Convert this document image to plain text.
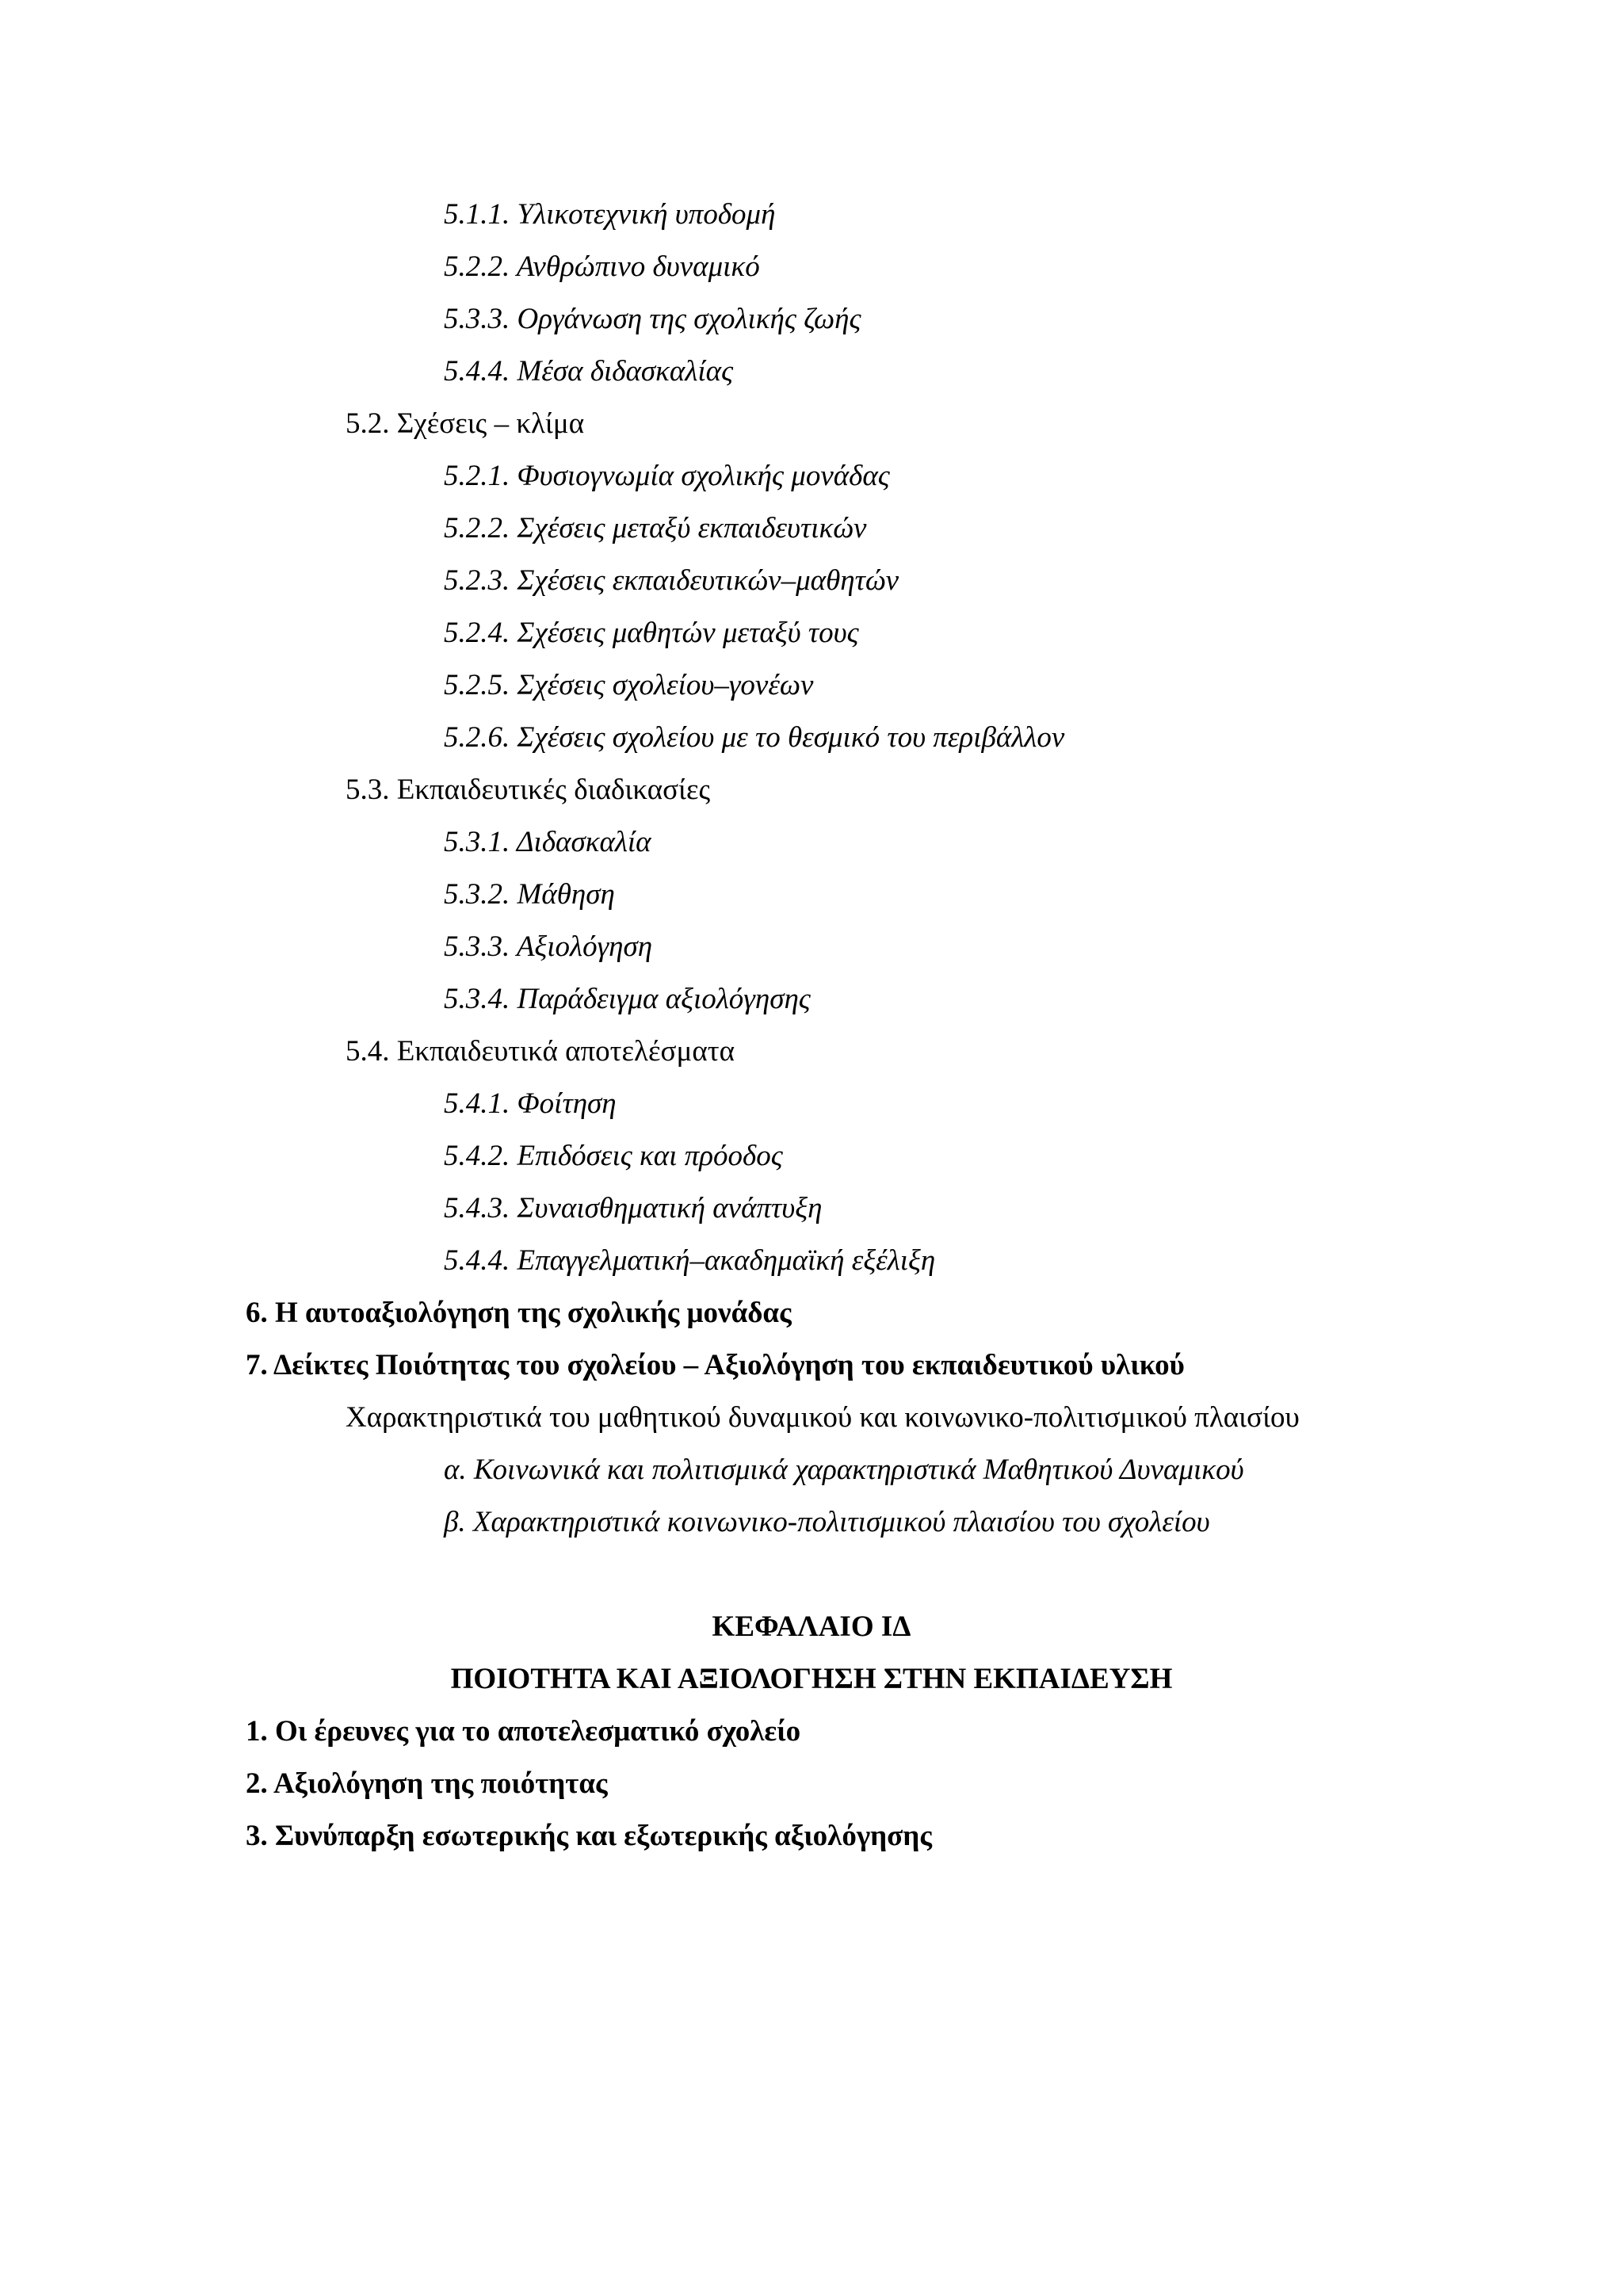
5.1.1. Υλικοτεχνική υποδομή
5.2.2. Ανθρώπινο δυναμικό
5.3.3. Οργάνωση της σχολικής ζωής
5.4.4. Μέσα διδασκαλίας
5.2. Σχέσεις – κλίμα
5.2.1. Φυσιογνωμία σχολικής μονάδας
5.2.2. Σχέσεις μεταξύ εκπαιδευτικών
5.2.3. Σχέσεις εκπαιδευτικών–μαθητών
5.2.4. Σχέσεις μαθητών μεταξύ τους
5.2.5. Σχέσεις σχολείου–γονέων
5.2.6. Σχέσεις σχολείου με το θεσμικό του περιβάλλον
5.3. Εκπαιδευτικές διαδικασίες
5.3.1. Διδασκαλία
5.3.2. Μάθηση
5.3.3. Αξιολόγηση
5.3.4. Παράδειγμα αξιολόγησης
5.4. Εκπαιδευτικά αποτελέσματα
5.4.1. Φοίτηση
5.4.2. Επιδόσεις και πρόοδος
5.4.3. Συναισθηματική ανάπτυξη
5.4.4. Επαγγελματική–ακαδημαϊκή εξέλιξη
6. Η αυτοαξιολόγηση της σχολικής μονάδας
7. Δείκτες Ποιότητας του σχολείου – Αξιολόγηση του εκπαιδευτικού υλικού
Χαρακτηριστικά του μαθητικού δυναμικού και κοινωνικο-πολιτισμικού πλαισίου
α. Κοινωνικά και πολιτισμικά χαρακτηριστικά Μαθητικού Δυναμικού
β. Χαρακτηριστικά κοινωνικο-πολιτισμικού πλαισίου του σχολείου
ΚΕΦΑΛΑΙΟ ΙΔ
ΠΟΙΟΤΗΤΑ ΚΑΙ ΑΞΙΟΛΟΓΗΣΗ ΣΤΗΝ ΕΚΠΑΙΔΕΥΣΗ
1. Οι έρευνες για το αποτελεσματικό σχολείο
2. Αξιολόγηση της ποιότητας
3. Συνύπαρξη εσωτερικής και εξωτερικής αξιολόγησης
